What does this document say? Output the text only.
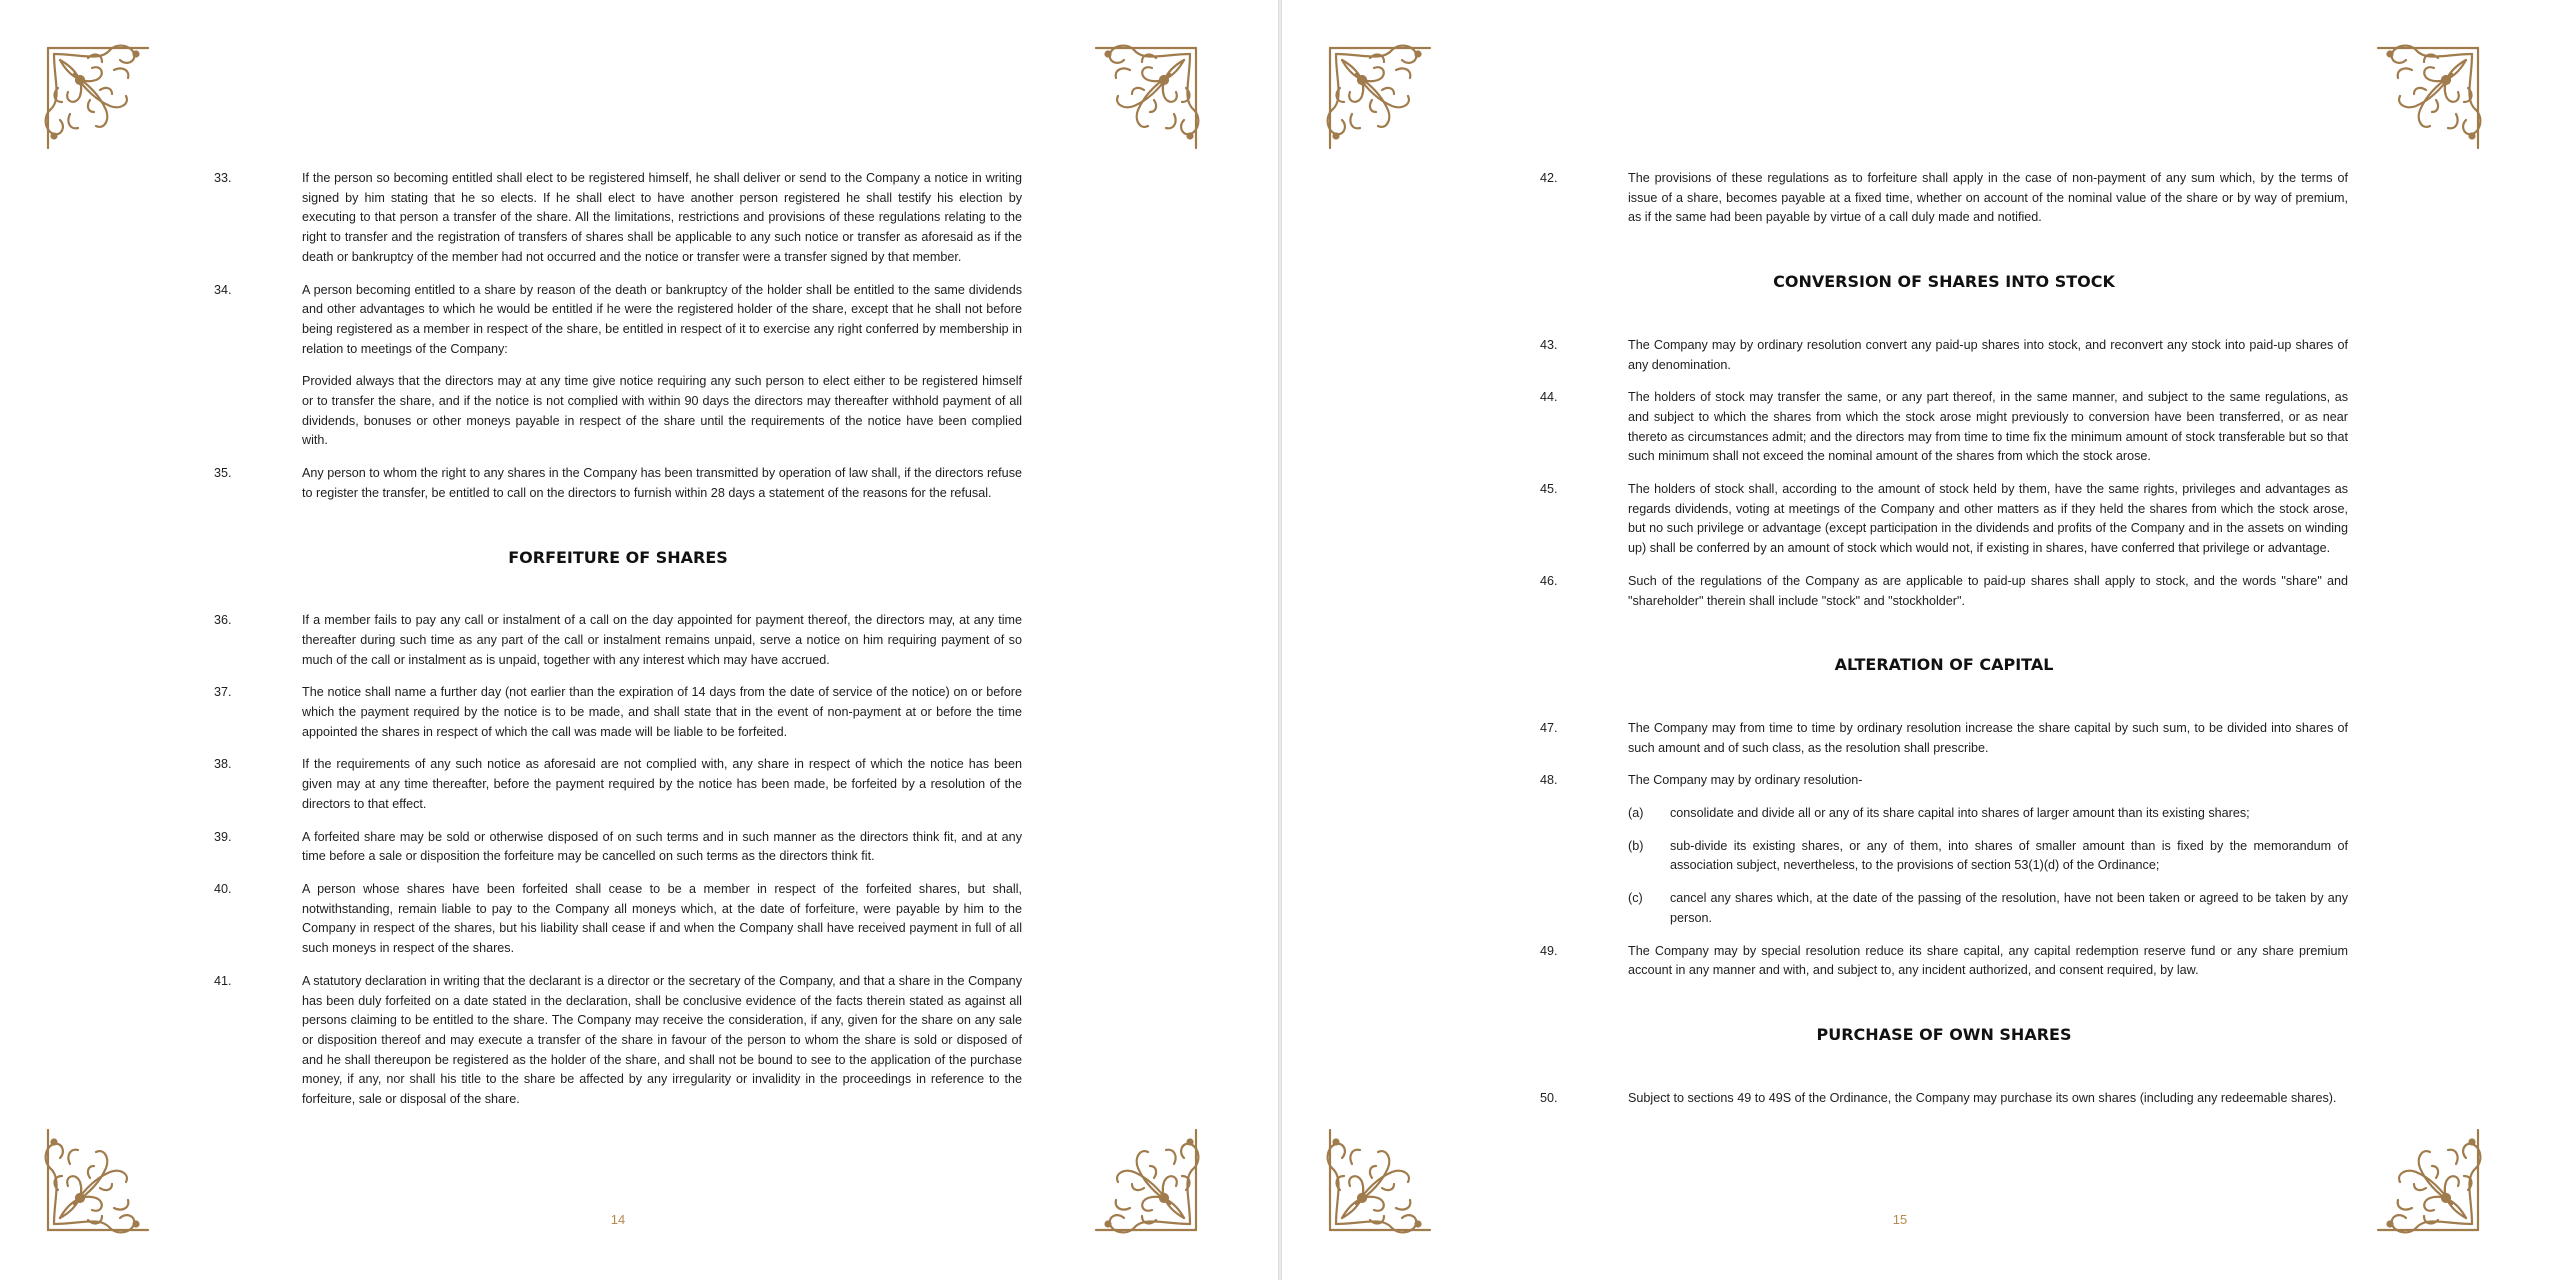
33.	If the person so becoming entitled shall elect to be registered himself, he shall deliver or send to the Company a notice in writing signed by him stating that he so elects. If he shall elect to have another person registered he shall testify his election by executing to that person a transfer of the share. All the limitations, restrictions and provisions of these regulations relating to the right to transfer and the registration of transfers of shares shall be applicable to any such notice or transfer as aforesaid as if the death or bankruptcy of the member had not occurred and the notice or transfer were a transfer signed by that member.
34.	A person becoming entitled to a share by reason of the death or bankruptcy of the holder shall be entitled to the same dividends and other advantages to which he would be entitled if he were the registered holder of the share, except that he shall not before being registered as a member in respect of the share, be entitled in respect of it to exercise any right conferred by membership in relation to meetings of the Company:
Provided always that the directors may at any time give notice requiring any such person to elect either to be registered himself or to transfer the share, and if the notice is not complied with within 90 days the directors may thereafter withhold payment of all dividends, bonuses or other moneys payable in respect of the share until the requirements of the notice have been complied with.
35.	Any person to whom the right to any shares in the Company has been transmitted by operation of law shall, if the directors refuse to register the transfer, be entitled to call on the directors to furnish within 28 days a statement of the reasons for the refusal.
FORFEITURE OF SHARES
36.	If a member fails to pay any call or instalment of a call on the day appointed for payment thereof, the directors may, at any time thereafter during such time as any part of the call or instalment remains unpaid, serve a notice on him requiring payment of so much of the call or instalment as is unpaid, together with any interest which may have accrued.
37.	The notice shall name a further day (not earlier than the expiration of 14 days from the date of service of the notice) on or before which the payment required by the notice is to be made, and shall state that in the event of non-payment at or before the time appointed the shares in respect of which the call was made will be liable to be forfeited.
38.	If the requirements of any such notice as aforesaid are not complied with, any share in respect of which the notice has been given may at any time thereafter, before the payment required by the notice has been made, be forfeited by a resolution of the directors to that effect.
39.	A forfeited share may be sold or otherwise disposed of on such terms and in such manner as the directors think fit, and at any time before a sale or disposition the forfeiture may be cancelled on such terms as the directors think fit.
40.	A person whose shares have been forfeited shall cease to be a member in respect of the forfeited shares, but shall, notwithstanding, remain liable to pay to the Company all moneys which, at the date of forfeiture, were payable by him to the Company in respect of the shares, but his liability shall cease if and when the Company shall have received payment in full of all such moneys in respect of the shares.
41.	A statutory declaration in writing that the declarant is a director or the secretary of the Company, and that a share in the Company has been duly forfeited on a date stated in the declaration, shall be conclusive evidence of the facts therein stated as against all persons claiming to be entitled to the share. The Company may receive the consideration, if any, given for the share on any sale or disposition thereof and may execute a transfer of the share in favour of the person to whom the share is sold or disposed of and he shall thereupon be registered as the holder of the share, and shall not be bound to see to the application of the purchase money, if any, nor shall his title to the share be affected by any irregularity or invalidity in the proceedings in reference to the forfeiture, sale or disposal of the share.
14
42.	The provisions of these regulations as to forfeiture shall apply in the case of non-payment of any sum which, by the terms of issue of a share, becomes payable at a fixed time, whether on account of the nominal value of the share or by way of premium, as if the same had been payable by virtue of a call duly made and notified.
CONVERSION OF SHARES INTO STOCK
43.	The Company may by ordinary resolution convert any paid-up shares into stock, and reconvert any stock into paid-up shares of any denomination.
44.	The holders of stock may transfer the same, or any part thereof, in the same manner, and subject to the same regulations, as and subject to which the shares from which the stock arose might previously to conversion have been transferred, or as near thereto as circumstances admit; and the directors may from time to time fix the minimum amount of stock transferable but so that such minimum shall not exceed the nominal amount of the shares from which the stock arose.
45.	The holders of stock shall, according to the amount of stock held by them, have the same rights, privileges and advantages as regards dividends, voting at meetings of the Company and other matters as if they held the shares from which the stock arose, but no such privilege or advantage (except participation in the dividends and profits of the Company and in the assets on winding up) shall be conferred by an amount of stock which would not, if existing in shares, have conferred that privilege or advantage.
46.	Such of the regulations of the Company as are applicable to paid-up shares shall apply to stock, and the words "share" and "shareholder" therein shall include "stock" and "stockholder".
ALTERATION OF CAPITAL
47.	The Company may from time to time by ordinary resolution increase the share capital by such sum, to be divided into shares of such amount and of such class, as the resolution shall prescribe.
48.	The Company may by ordinary resolution-
(a) consolidate and divide all or any of its share capital into shares of larger amount than its existing shares;
(b) sub-divide its existing shares, or any of them, into shares of smaller amount than is fixed by the memorandum of association subject, nevertheless, to the provisions of section 53(1)(d) of the Ordinance;
(c) cancel any shares which, at the date of the passing of the resolution, have not been taken or agreed to be taken by any person.
49.	The Company may by special resolution reduce its share capital, any capital redemption reserve fund or any share premium account in any manner and with, and subject to, any incident authorized, and consent required, by law.
PURCHASE OF OWN SHARES
50.	Subject to sections 49 to 49S of the Ordinance, the Company may purchase its own shares (including any redeemable shares).
15
